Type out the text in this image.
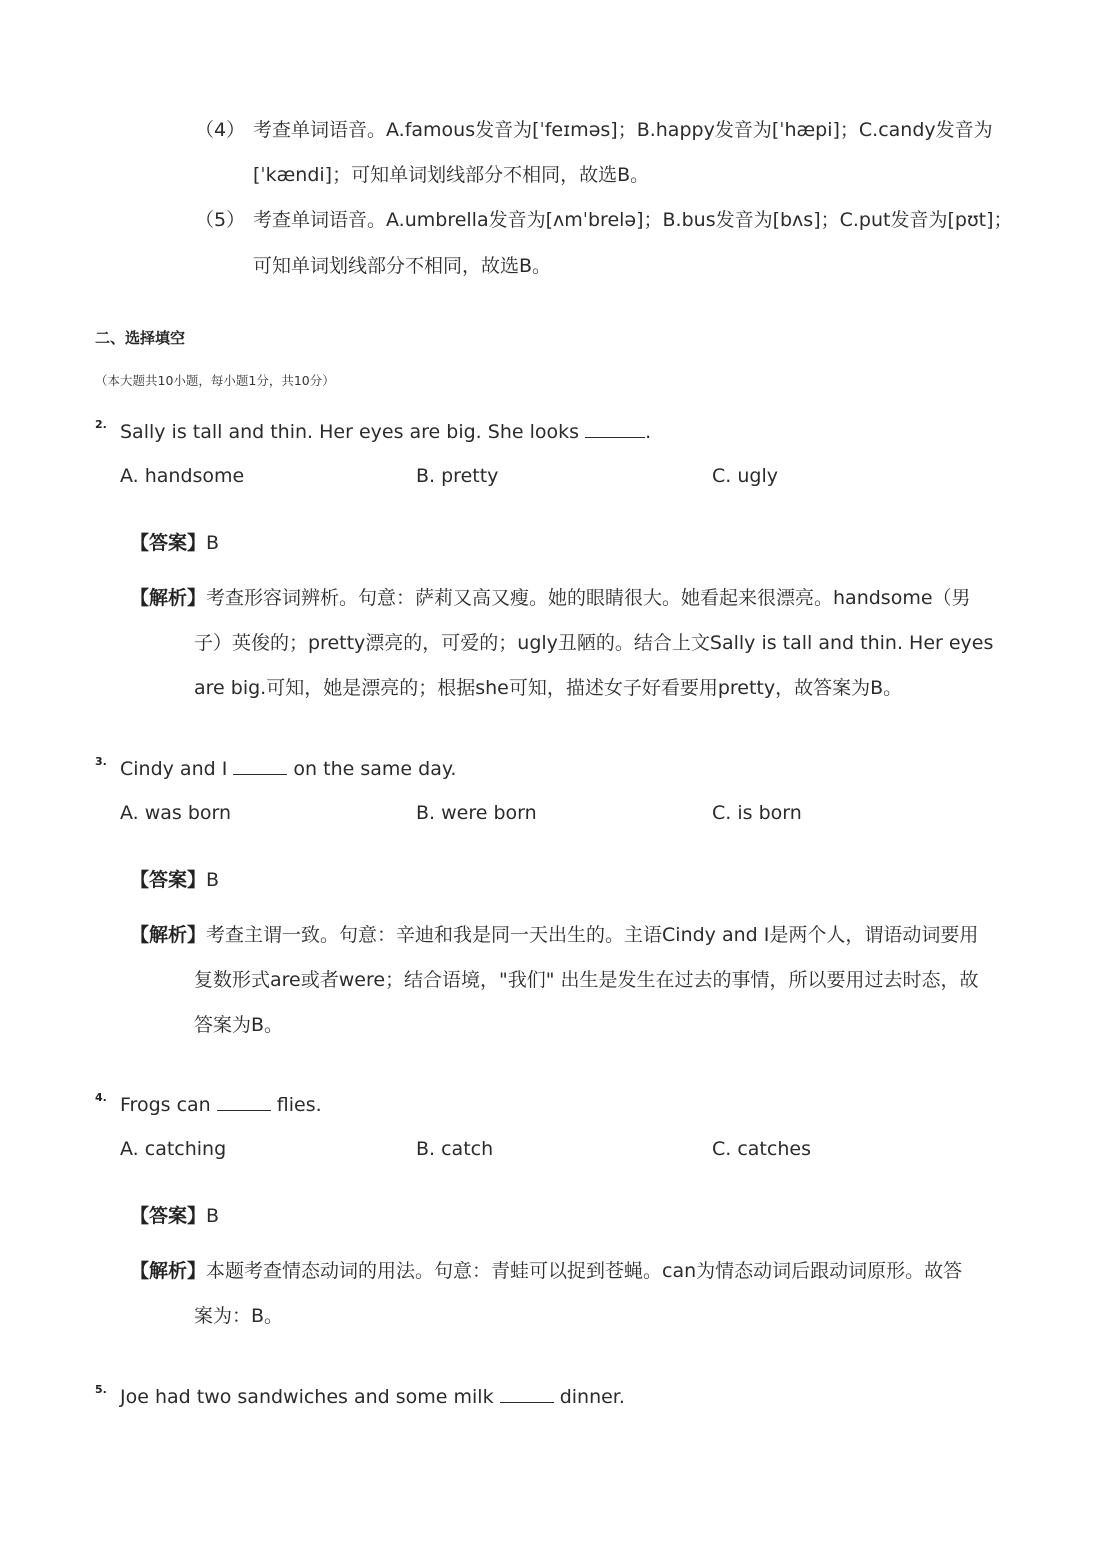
（4） 考查单词语音。A.famous发音为[ˈfeɪməs]；B.happy发音为[ˈhæpi]；C.candy发音为
[ˈkændi]；可知单词划线部分不相同，故选B。
（5） 考查单词语音。A.umbrella发音为[ʌmˈbrelə]；B.bus发音为[bʌs]；C.put发音为[pʊt]；
可知单词划线部分不相同，故选B。
二、选择填空
（本大题共10小题，每小题1分，共10分）
2. Sally is tall and thin. Her eyes are big. She looks	.
A. handsome	B. pretty	C. ugly
【答案】B
【解析】考查形容词辨析。句意：萨莉又高又瘦。她的眼睛很大。她看起来很漂亮。handsome（男
子）英俊的；pretty漂亮的，可爱的；ugly丑陋的。结合上文Sally is tall and thin. Her eyes
are big.可知，她是漂亮的；根据she可知，描述女子好看要用pretty，故答案为B。
3. Cindy and I	on the same day.
A. was born	B. were born	C. is born
【答案】B
【解析】考查主谓一致。句意：辛迪和我是同一天出生的。主语Cindy and I是两个人，谓语动词要用
复数形式are或者were；结合语境，"我们" 出生是发生在过去的事情，所以要用过去时态，故
答案为B。
4. Frogs can	flies.
A. catching	B. catch	C. catches
【答案】B
【解析】本题考查情态动词的用法。句意：青蛙可以捉到苍蝇。can为情态动词后跟动词原形。故答
案为：B。
5. Joe had two sandwiches and some milk	dinner.
